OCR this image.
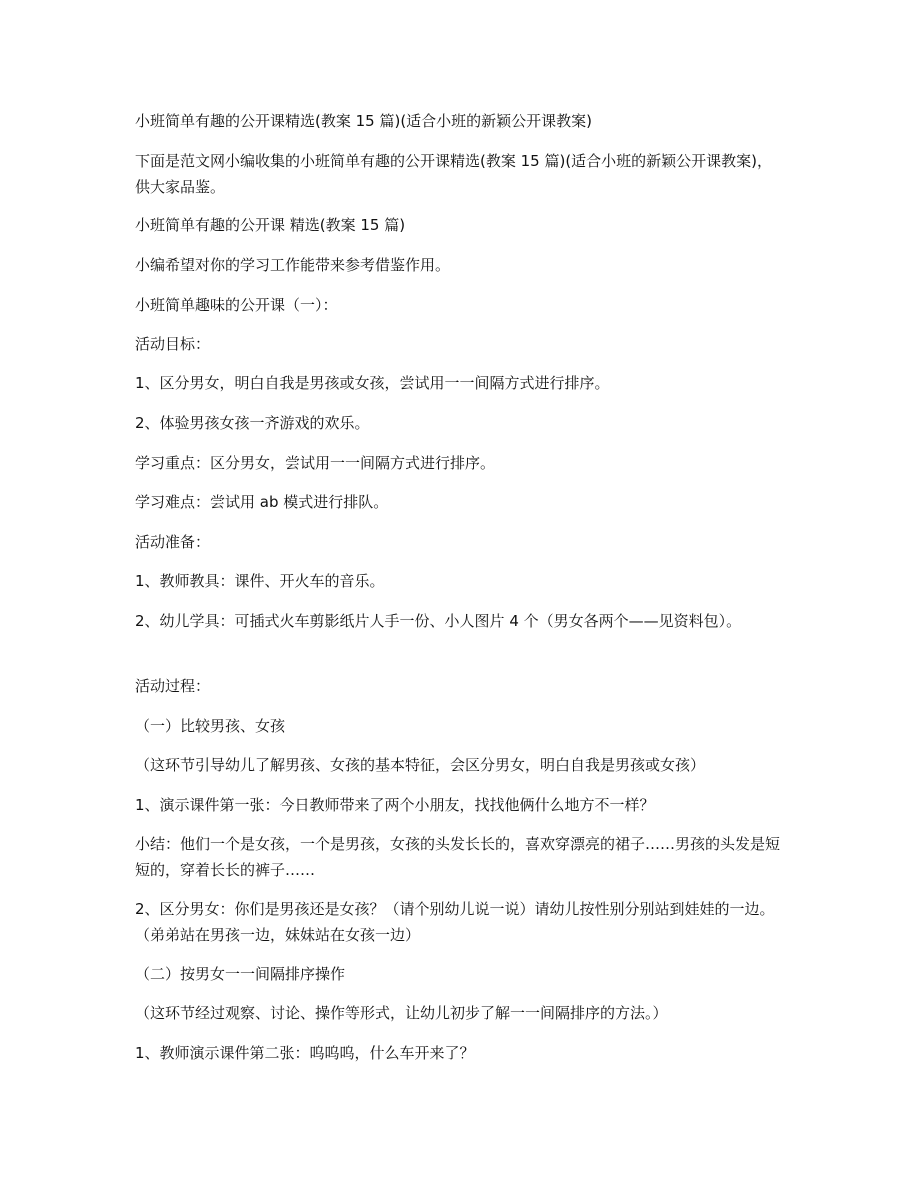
小班简单有趣的公开课精选(教案 15 篇)(适合小班的新颖公开课教案)

下面是范文网小编收集的小班简单有趣的公开课精选(教案 15 篇)(适合小班的新颖公开课教案)，供大家品鉴。

小班简单有趣的公开课 精选(教案 15 篇)

小编希望对你的学习工作能带来参考借鉴作用。

小班简单趣味的公开课（一）：

活动目标：

1、区分男女，明白自我是男孩或女孩，尝试用一一间隔方式进行排序。

2、体验男孩女孩一齐游戏的欢乐。

学习重点：区分男女，尝试用一一间隔方式进行排序。

学习难点：尝试用 ab 模式进行排队。

活动准备：

1、教师教具：课件、开火车的音乐。

2、幼儿学具：可插式火车剪影纸片人手一份、小人图片 4 个（男女各两个——见资料包）。

活动过程：

（一）比较男孩、女孩

（这环节引导幼儿了解男孩、女孩的基本特征，会区分男女，明白自我是男孩或女孩）

1、演示课件第一张：今日教师带来了两个小朋友，找找他俩什么地方不一样？

小结：他们一个是女孩，一个是男孩，女孩的头发长长的，喜欢穿漂亮的裙子……男孩的头发是短短的，穿着长长的裤子……

2、区分男女：你们是男孩还是女孩？（请个别幼儿说一说）请幼儿按性别分别站到娃娃的一边。（弟弟站在男孩一边，妹妹站在女孩一边）

（二）按男女一一间隔排序操作

（这环节经过观察、讨论、操作等形式，让幼儿初步了解一一间隔排序的方法。）

1、教师演示课件第二张：呜呜呜，什么车开来了？
